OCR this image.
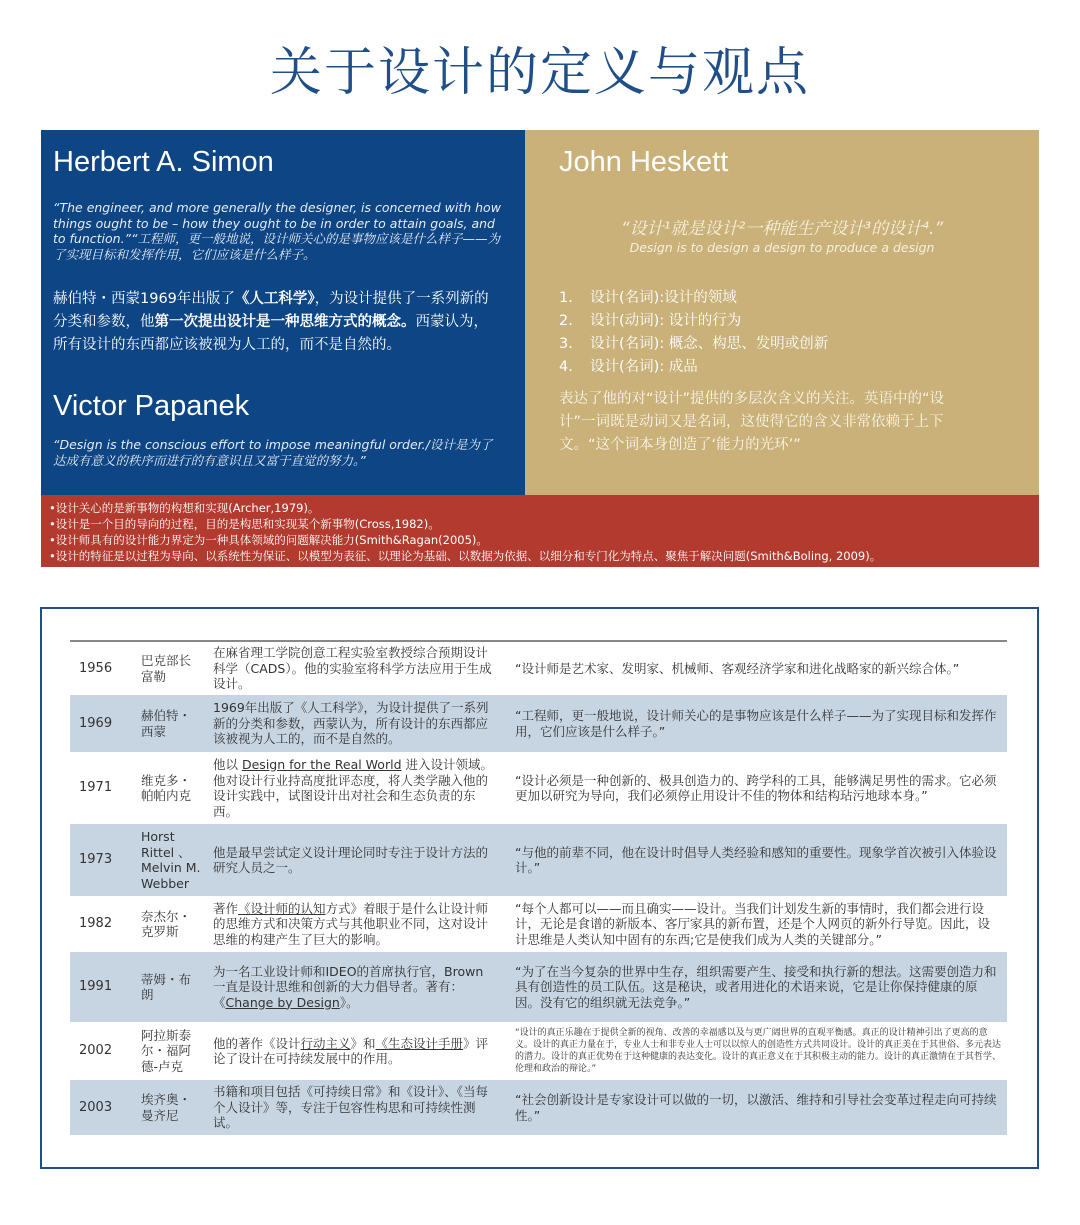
关于设计的定义与观点
Herbert A. Simon
“The engineer, and more generally the designer, is concerned with how things ought to be – how they ought to be in order to attain goals, and to function.”“工程师，更一般地说，设计师关心的是事物应该是什么样子——为了实现目标和发挥作用，它们应该是什么样子。
赫伯特・西蒙1969年出版了《人工科学》，为设计提供了一系列新的分类和参数，他第一次提出设计是一种思维方式的概念。西蒙认为，所有设计的东西都应该被视为人工的，而不是自然的。
Victor Papanek
“Design is the conscious effort to impose meaningful order./设计是为了达成有意义的秩序而进行的有意识且又富于直觉的努力。”
John Heskett
“设计¹就是设计²一种能生产设计³的设计⁴.”
Design is to design a design to produce a design
1. 设计(名词):设计的领域
2. 设计(动词): 设计的行为
3. 设计(名词): 概念、构思、发明或创新
4. 设计(名词): 成品
表达了他的对“设计”提供的多层次含义的关注。英语中的“设计”一词既是动词又是名词，这使得它的含义非常依赖于上下文。“这个词本身创造了‘能力的光环’”
•设计关心的是新事物的构想和实现(Archer,1979)。
•设计是一个目的导向的过程，目的是构思和实现某个新事物(Cross,1982)。
•设计师具有的设计能力界定为一种具体领域的问题解决能力(Smith&Ragan(2005)。
•设计的特征是以过程为导向、以系统性为保证、以模型为表征、以理论为基础、以数据为依据、以细分和专门化为特点、聚焦于解决问题(Smith&Boling, 2009)。
1956	巴克部长富勒	在麻省理工学院创意工程实验室教授综合预期设计科学（CADS）。他的实验室将科学方法应用于生成设计。	“设计师是艺术家、发明家、机械师、客观经济学家和进化战略家的新兴综合体。”
1969	赫伯特・西蒙	1969年出版了《人工科学》，为设计提供了一系列新的分类和参数，西蒙认为，所有设计的东西都应该被视为人工的，而不是自然的。	“工程师，更一般地说，设计师关心的是事物应该是什么样子——为了实现目标和发挥作用，它们应该是什么样子。”
1971	维克多・帕帕内克	他以 Design for the Real World 进入设计领域。他对设计行业持高度批评态度，将人类学融入他的设计实践中，试图设计出对社会和生态负责的东西。	“设计必须是一种创新的、极具创造力的、跨学科的工具，能够满足男性的需求。它必须更加以研究为导向，我们必须停止用设计不佳的物体和结构玷污地球本身。”
1973	Horst Rittel 、Melvin M. Webber	他是最早尝试定义设计理论同时专注于设计方法的研究人员之一。	“与他的前辈不同，他在设计时倡导人类经验和感知的重要性。现象学首次被引入体验设计。”
1982	奈杰尔・克罗斯	著作《设计师的认知方式》着眼于是什么让设计师的思维方式和决策方式与其他职业不同，这对设计思维的构建产生了巨大的影响。	“每个人都可以——而且确实——设计。当我们计划发生新的事情时，我们都会进行设计，无论是食谱的新版本、客厅家具的新布置，还是个人网页的新外行导览。因此，设计思维是人类认知中固有的东西;它是使我们成为人类的关键部分。”
1991	蒂姆・布朗	为一名工业设计师和IDEO的首席执行官，Brown一直是设计思维和创新的大力倡导者。著有：《Change by Design》。	“为了在当今复杂的世界中生存，组织需要产生、接受和执行新的想法。这需要创造力和具有创造性的员工队伍。这是秘诀，或者用进化的术语来说，它是让你保持健康的原因。没有它的组织就无法竞争。”
2002	阿拉斯泰尔・福阿德-卢克	他的著作《设计行动主义》和《生态设计手册》评论了设计在可持续发展中的作用。	“设计的真正乐趣在于提供全新的视角、改善的幸福感以及与更广阔世界的直观平衡感。真正的设计精神引出了更高的意义。设计的真正力量在于，专业人士和非专业人士可以以惊人的创造性方式共同设计。设计的真正美在于其世俗、多元表达的潜力。设计的真正优势在于这种健康的表达变化。设计的真正意义在于其积极主动的能力。设计的真正激情在于其哲学、伦理和政治的辩论。”
2003	埃齐奥・曼齐尼	书籍和项目包括《可持续日常》和《设计》、《当每个人设计》等，专注于包容性构思和可持续性测试。	“社会创新设计是专家设计可以做的一切，以激活、维持和引导社会变革过程走向可持续性。”
